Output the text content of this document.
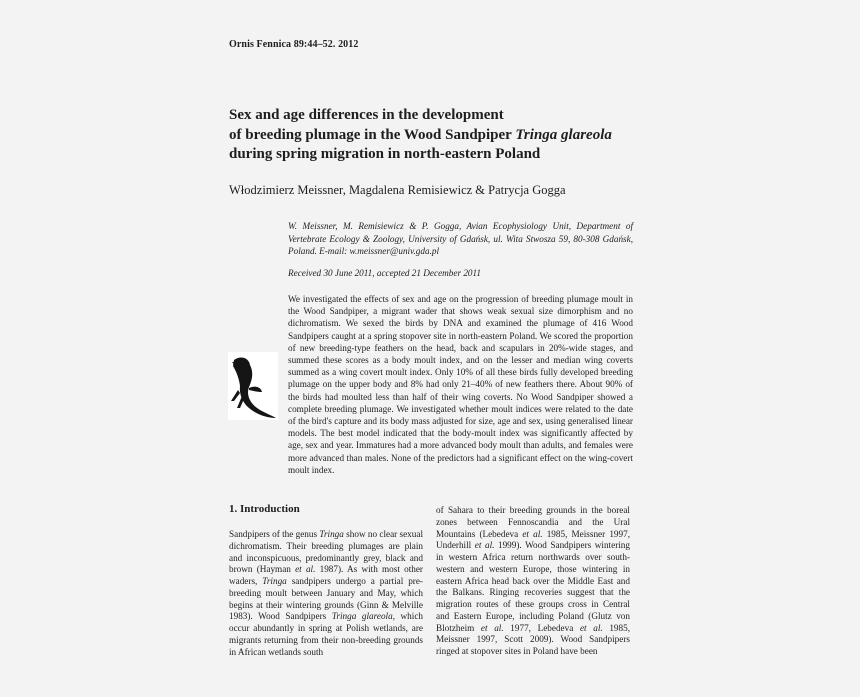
Ornis Fennica 89:44–52. 2012
Sex and age differences in the development
of breeding plumage in the Wood Sandpiper Tringa glareola
during spring migration in north-eastern Poland
Włodzimierz Meissner, Magdalena Remisiewicz & Patrycja Gogga
W. Meissner, M. Remisiewicz & P. Gogga, Avian Ecophysiology Unit, Department of Vertebrate Ecology & Zoology, University of Gdańsk, ul. Wita Stwosza 59, 80-308 Gdańsk, Poland. E-mail: w.meissner@univ.gda.pl
Received 30 June 2011, accepted 21 December 2011

We investigated the effects of sex and age on the progression of breeding plumage moult in the Wood Sandpiper, a migrant wader that shows weak sexual size dimorphism and no dichromatism. We sexed the birds by DNA and examined the plumage of 416 Wood Sandpipers caught at a spring stopover site in north-eastern Poland. We scored the proportion of new breeding-type feathers on the head, back and scapulars in 20%-wide stages, and summed these scores as a body moult index, and on the lesser and median wing coverts summed as a wing covert moult index. Only 10% of all these birds fully developed breeding plumage on the upper body and 8% had only 21–40% of new feathers there. About 90% of the birds had moulted less than half of their wing coverts. No Wood Sandpiper showed a complete breeding plumage. We investigated whether moult indices were related to the date of the bird's capture and its body mass adjusted for size, age and sex, using generalised linear models. The best model indicated that the body-moult index was significantly affected by age, sex and year. Immatures had a more advanced body moult than adults, and females were more advanced than males. None of the predictors had a significant effect on the wing-covert moult index.

1. Introduction

Sandpipers of the genus Tringa show no clear sexual dichromatism. Their breeding plumages are plain and inconspicuous, predominantly grey, black and brown (Hayman et al. 1987). As with most other waders, Tringa sandpipers undergo a partial pre-breeding moult between January and May, which begins at their wintering grounds (Ginn & Melville 1983). Wood Sandpipers Tringa glareola, which occur abundantly in spring at Polish wetlands, are migrants returning from their non-breeding grounds in African wetlands south

of Sahara to their breeding grounds in the boreal zones between Fennoscandia and the Ural Mountains (Lebedeva et al. 1985, Meissner 1997, Underhill et al. 1999). Wood Sandpipers wintering in western Africa return northwards over south-western and western Europe, those wintering in eastern Africa head back over the Middle East and the Balkans. Ringing recoveries suggest that the migration routes of these groups cross in Central and Eastern Europe, including Poland (Glutz von Blotzheim et al. 1977, Lebedeva et al. 1985, Meissner 1997, Scott 2009). Wood Sandpipers ringed at stopover sites in Poland have been
